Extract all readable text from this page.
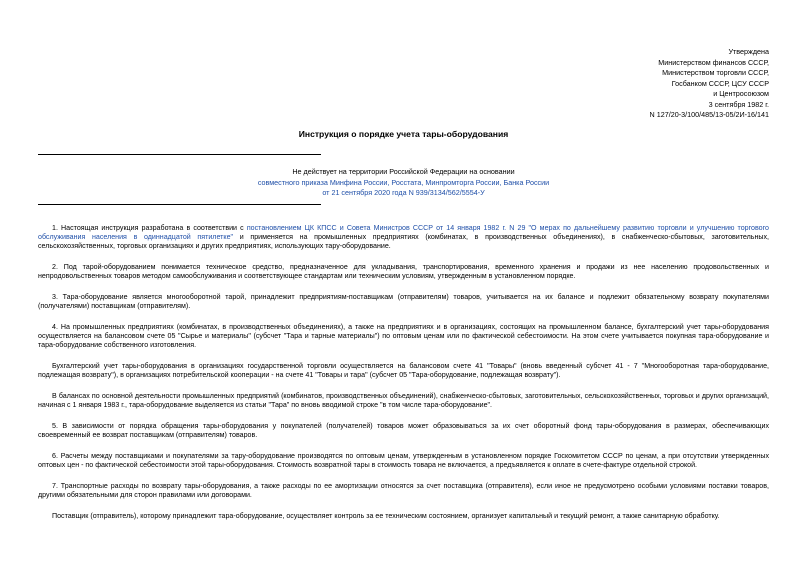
Утверждена
Министерством финансов СССР,
Министерством торговли СССР,
Госбанком СССР, ЦСУ СССР
и Центросоюзом
3 сентября 1982 г.
N 127/20-3/100/485/13-05/2И-16/141
Инструкция о порядке учета тары-оборудования
Не действует на территории Российской Федерации на основании
совместного приказа Минфина России, Росстата, Минпромторга России, Банка России
от 21 сентября 2020 года N 939/3134/562/5554-У

1. Настоящая инструкция разработана в соответствии с постановлением ЦК КПСС и Совета Министров СССР от 14 января 1982 г. N 29 "О мерах по дальнейшему развитию торговли и улучшению торгового обслуживания населения в одиннадцатой пятилетке" и применяется на промышленных предприятиях (комбинатах, в производственных объединениях), в снабженческо-сбытовых, заготовительных, сельскохозяйственных, торговых организациях и других предприятиях, использующих тару-оборудование.

2. Под тарой-оборудованием понимается техническое средство, предназначенное для укладывания, транспортирования, временного хранения и продажи из нее населению продовольственных и непродовольственных товаров методом самообслуживания и соответствующее стандартам или техническим условиям, утвержденным в установленном порядке.

3. Тара-оборудование является многооборотной тарой, принадлежит предприятиям-поставщикам (отправителям) товаров, учитывается на их балансе и подлежит обязательному возврату покупателями (получателями) поставщикам (отправителям).

4. На промышленных предприятиях (комбинатах, в производственных объединениях), а также на предприятиях и в организациях, состоящих на промышленном балансе, бухгалтерский учет тары-оборудования осуществляется на балансовом счете 05 "Сырье и материалы" (субсчет "Тара и тарные материалы") по оптовым ценам или по фактической себестоимости. На этом счете учитывается покупная тара-оборудование и тара-оборудование собственного изготовления.

Бухгалтерский учет тары-оборудования в организациях государственной торговли осуществляется на балансовом счете 41 "Товары" (вновь введенный субсчет 41 - 7 "Многооборотная тара-оборудование, подлежащая возврату"), в организациях потребительской кооперации - на счете 41 "Товары и тара" (субсчет 05 "Тара-оборудование, подлежащая возврату").

В балансах по основной деятельности промышленных предприятий (комбинатов, производственных объединений), снабженческо-сбытовых, заготовительных, сельскохозяйственных, торговых и других организаций, начиная с 1 января 1983 г., тара-оборудование выделяется из статьи "Тара" по вновь вводимой строке "в том числе тара-оборудование".

5. В зависимости от порядка обращения тары-оборудования у покупателей (получателей) товаров может образовываться за их счет оборотный фонд тары-оборудования в размерах, обеспечивающих своевременный ее возврат поставщикам (отправителям) товаров.

6. Расчеты между поставщиками и покупателями за тару-оборудование производятся по оптовым ценам, утвержденным в установленном порядке Госкомитетом СССР по ценам, а при отсутствии утвержденных оптовых цен - по фактической себестоимости этой тары-оборудования. Стоимость возвратной тары в стоимость товара не включается, а предъявляется к оплате в счете-фактуре отдельной строкой.

7. Транспортные расходы по возврату тары-оборудования, а также расходы по ее амортизации относятся за счет поставщика (отправителя), если иное не предусмотрено особыми условиями поставки товаров, другими обязательными для сторон правилами или договорами.

Поставщик (отправитель), которому принадлежит тара-оборудование, осуществляет контроль за ее техническим состоянием, организует капитальный и текущий ремонт, а также санитарную обработку.
